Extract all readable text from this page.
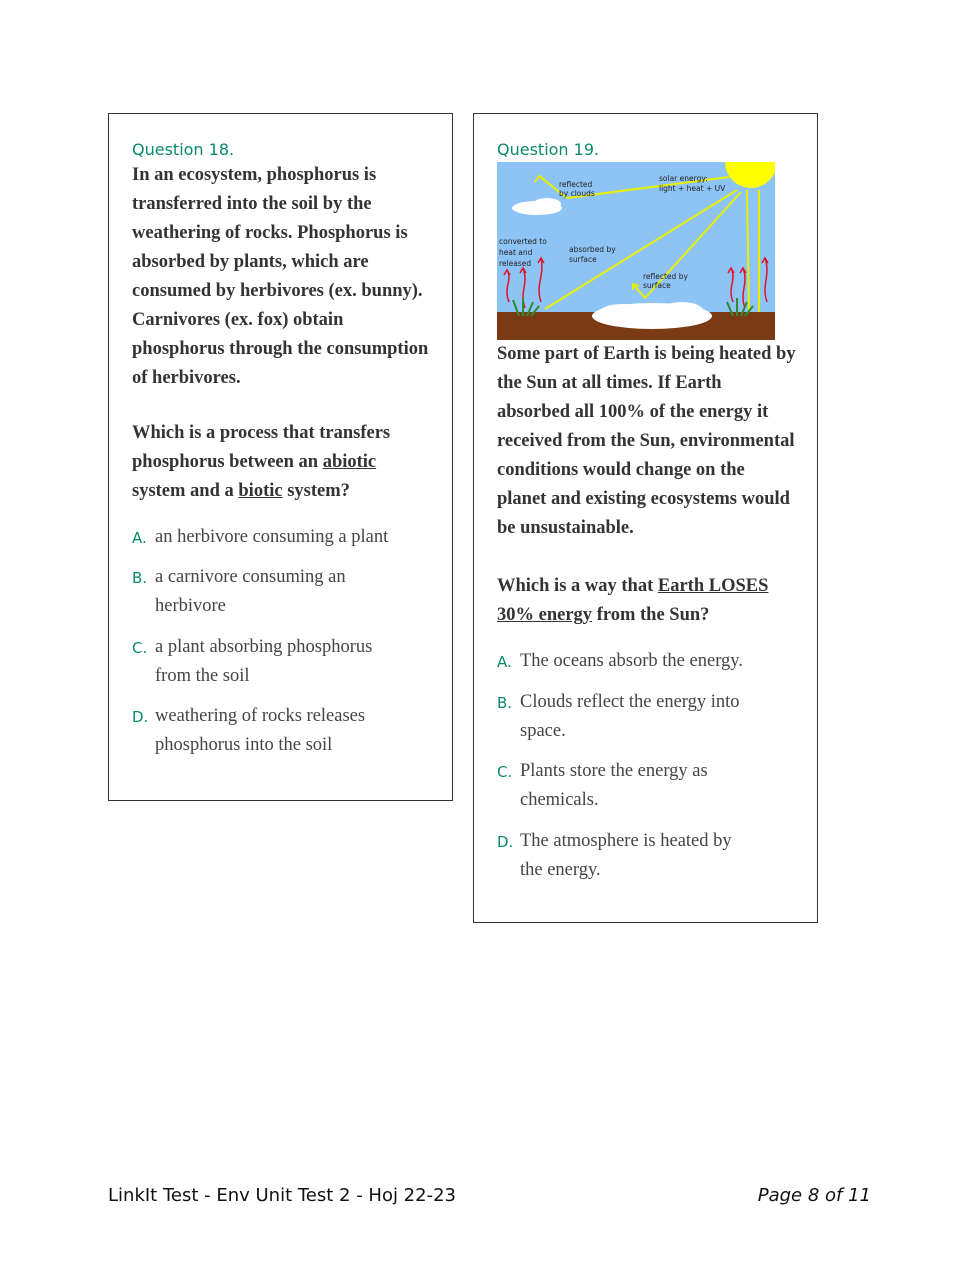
Question 18.

In an ecosystem, phosphorus is transferred into the soil by the weathering of rocks. Phosphorus is absorbed by plants, which are consumed by herbivores (ex. bunny). Carnivores (ex. fox) obtain phosphorus through the consumption of herbivores.

Which is a process that transfers phosphorus between an abiotic system and a biotic system?

A. an herbivore consuming a plant
B. a carnivore consuming an herbivore
C. a plant absorbing phosphorus from the soil
D. weathering of rocks releases phosphorus into the soil

Question 19.

reflected
by clouds
solar energy:
light + heat + UV
converted to
heat and
released
absorbed by
surface
reflected by
surface

Some part of Earth is being heated by the Sun at all times. If Earth absorbed all 100% of the energy it received from the Sun, environmental conditions would change on the planet and existing ecosystems would be unsustainable.

Which is a way that Earth LOSES 30% energy from the Sun?

A. The oceans absorb the energy.
B. Clouds reflect the energy into space.
C. Plants store the energy as chemicals.
D. The atmosphere is heated by the energy.
LinkIt Test - Env Unit Test 2 - Hoj 22-23	Page 8 of 11
